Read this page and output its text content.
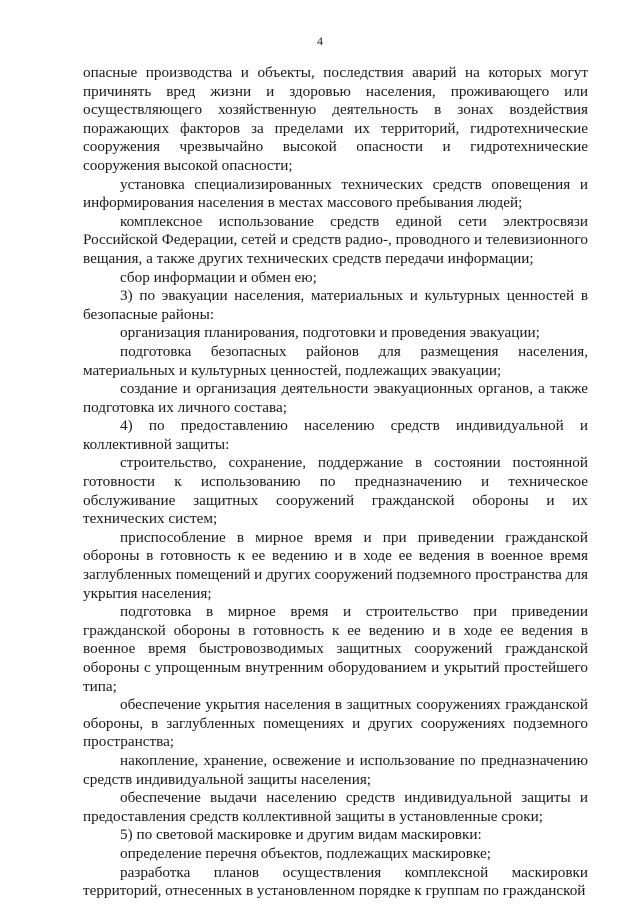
4

опасные производства и объекты, последствия аварий на которых могут причинять вред жизни и здоровью населения, проживающего или осуществляющего хозяйственную деятельность в зонах воздействия поражающих факторов за пределами их территорий, гидротехнические сооружения чрезвычайно высокой опасности и гидротехнические сооружения высокой опасности;

установка специализированных технических средств оповещения и информирования населения в местах массового пребывания людей;

комплексное использование средств единой сети электросвязи Российской Федерации, сетей и средств радио-, проводного и телевизионного вещания, а также других технических средств передачи информации;

сбор информации и обмен ею;

3) по эвакуации населения, материальных и культурных ценностей в безопасные районы:

организация планирования, подготовки и проведения эвакуации;

подготовка безопасных районов для размещения населения, материальных и культурных ценностей, подлежащих эвакуации;

создание и организация деятельности эвакуационных органов, а также подготовка их личного состава;

4) по предоставлению населению средств индивидуальной и коллективной защиты:

строительство, сохранение, поддержание в состоянии постоянной готовности к использованию по предназначению и техническое обслуживание защитных сооружений гражданской обороны и их технических систем;

приспособление в мирное время и при приведении гражданской обороны в готовность к ее ведению и в ходе ее ведения в военное время заглубленных помещений и других сооружений подземного пространства для укрытия населения;

подготовка в мирное время и строительство при приведении гражданской обороны в готовность к ее ведению и в ходе ее ведения в военное время быстровозводимых защитных сооружений гражданской обороны с упрощенным внутренним оборудованием и укрытий простейшего типа;

обеспечение укрытия населения в защитных сооружениях гражданской обороны, в заглубленных помещениях и других сооружениях подземного пространства;

накопление, хранение, освежение и использование по предназначению средств индивидуальной защиты населения;

обеспечение выдачи населению средств индивидуальной защиты и предоставления средств коллективной защиты в установленные сроки;

5) по световой маскировке и другим видам маскировки:

определение перечня объектов, подлежащих маскировке;

разработка планов осуществления комплексной маскировки территорий, отнесенных в установленном порядке к группам по гражданской
